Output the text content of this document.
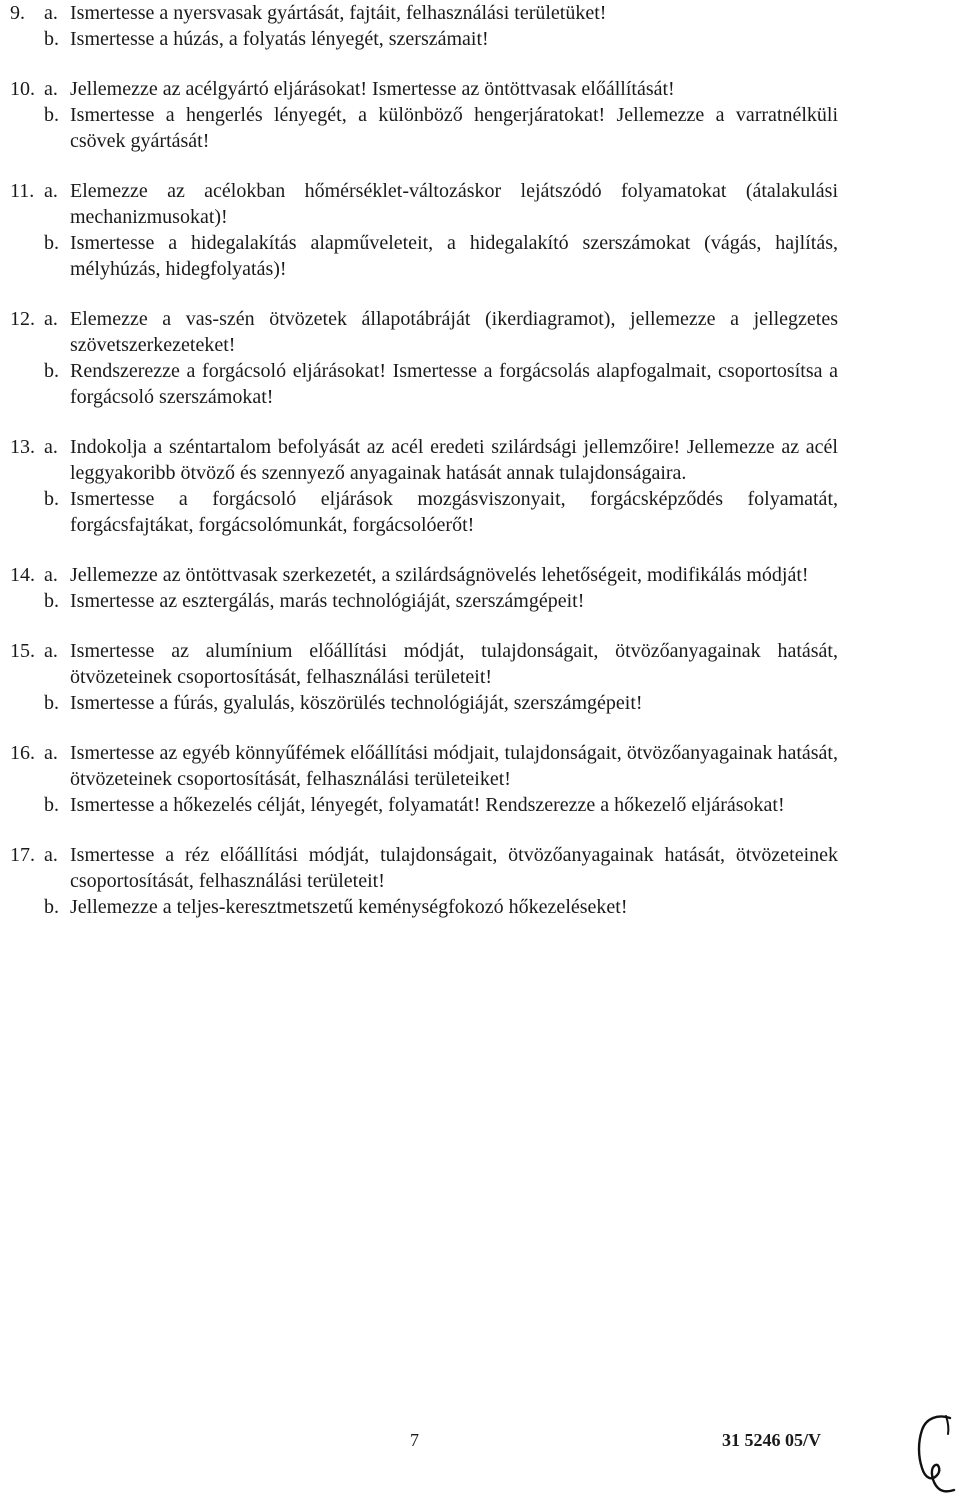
9. a. Ismertesse a nyersvasak gyártását, fajtáit, felhasználási területüket!
b. Ismertesse a húzás, a folyatás lényegét, szerszámait!
10. a. Jellemezze az acélgyártó eljárásokat! Ismertesse az öntöttvasak előállítását!
b. Ismertesse a hengerlés lényegét, a különböző hengerjáratokat! Jellemezze a varratnélküli csövek gyártását!
11. a. Elemezze az acélokban hőmérséklet-változáskor lejátszódó folyamatokat (átalakulási mechanizmusokat)!
b. Ismertesse a hidegalakítás alapműveleteit, a hidegalakító szerszámokat (vágás, hajlítás, mélyhúzás, hidegfolyatás)!
12. a. Elemezze a vas-szén ötvözetek állapotábráját (ikerdiagramot), jellemezze a jellegzetes szövetszerkezeteket!
b. Rendszerezze a forgácsoló eljárásokat! Ismertesse a forgácsolás alapfogalmait, csoportosítsa a forgácsoló szerszámokat!
13. a. Indokolja a széntartalom befolyását az acél eredeti szilárdsági jellemzőire! Jellemezze az acél leggyakoribb ötvöző és szennyező anyagainak hatását annak tulajdonságaira.
b. Ismertesse a forgácsoló eljárások mozgásviszonyait, forgácsképződés folyamatát, forgácsfajtákat, forgácsolómunkát, forgácsolóerőt!
14. a. Jellemezze az öntöttvasak szerkezetét, a szilárdságnövelés lehetőségeit, modifikálás módját!
b. Ismertesse az esztergálás, marás technológiáját, szerszámgépeit!
15. a. Ismertesse az alumínium előállítási módját, tulajdonságait, ötvözőanyagainak hatását, ötvözeteinek csoportosítását, felhasználási területeit!
b. Ismertesse a fúrás, gyalulás, köszörülés technológiáját, szerszámgépeit!
16. a. Ismertesse az egyéb könnyűfémek előállítási módjait, tulajdonságait, ötvözőanyagainak hatását, ötvözeteinek csoportosítását, felhasználási területeiket!
b. Ismertesse a hőkezelés célját, lényegét, folyamatát! Rendszerezze a hőkezelő eljárásokat!
17. a. Ismertesse a réz előállítási módját, tulajdonságait, ötvözőanyagainak hatását, ötvözeteinek csoportosítását, felhasználási területeit!
b. Jellemezze a teljes-keresztmetszetű keménységfokozó hőkezeléseket!
7	31 5246 05/V
